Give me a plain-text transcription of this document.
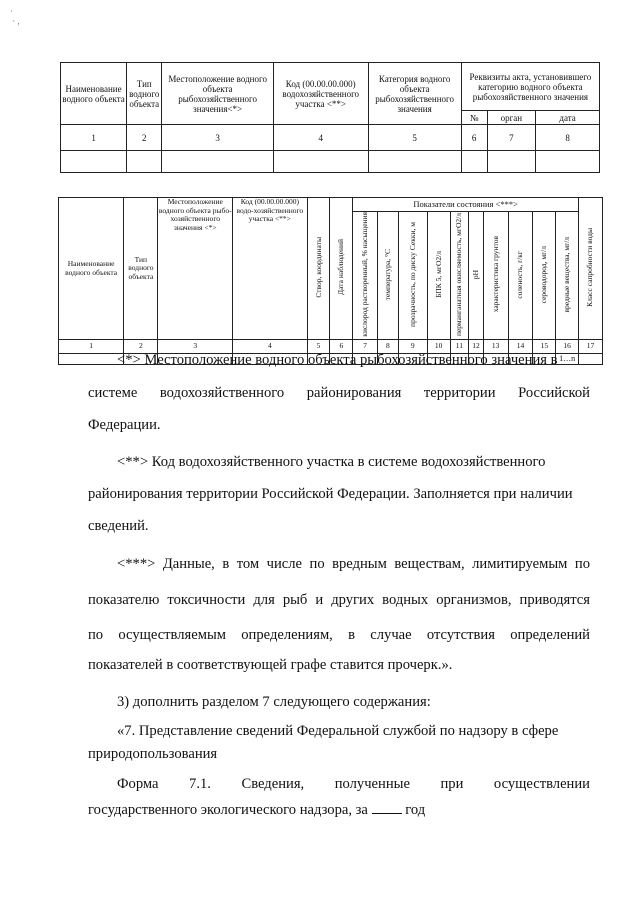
·
· ,
Наименование водного объекта	Тип водного объекта	Местоположение водного объекта рыбохозяйственного значения<*>	Код (00.00.00.000) водохозяйственного участка <**>	Категория водного объекта рыбохозяйственного значения	Реквизиты акта, установившего категорию водного объекта рыбохозяйственного значения		
					№	орган	дата
1	2	3	4	5	6	7	8

Наименование водного объекта	Тип водного объекта	Местоположение водного объекта рыбо-хозяйственного значения <*>	Код (00.00.00.000) водо-хозяйственного участка <**>	Створ, координаты	Дата наблюдений	Показатели состояния <***>										Класс сапробности воды
						кислород растворенный, % насыщения	температура, °С	прозрачность, по диску Секки, м	БПК 5, мгО2/л	перманганатная окисляемость, мгО2/л	pH	характеристика грунтов	соленость, г/кг	сероводород, мг/л	вредные вещества, мг/л	
1	2	3	4	5	6	7	8	9	10	11	12	13	14	15	16	17
															1…n	
<*> Местоположение водного объекта рыбохозяйственного значения в
системе водохозяйственного районирования территории Российской
Федерации.
<**> Код водохозяйственного участка в системе водохозяйственного
районирования территории Российской Федерации. Заполняется при наличии
сведений.
<***> Данные, в том числе по вредным веществам, лимитируемым по
показателю токсичности для рыб и других водных организмов, приводятся
по осуществляемым определениям, в случае отсутствия определений
показателей в соответствующей графе ставится прочерк.».
3) дополнить разделом 7 следующего содержания:
«7. Представление сведений Федеральной службой по надзору в сфере
природопользования
Форма 7.1. Сведения, полученные при осуществлении
государственного экологического надзора, за	год
